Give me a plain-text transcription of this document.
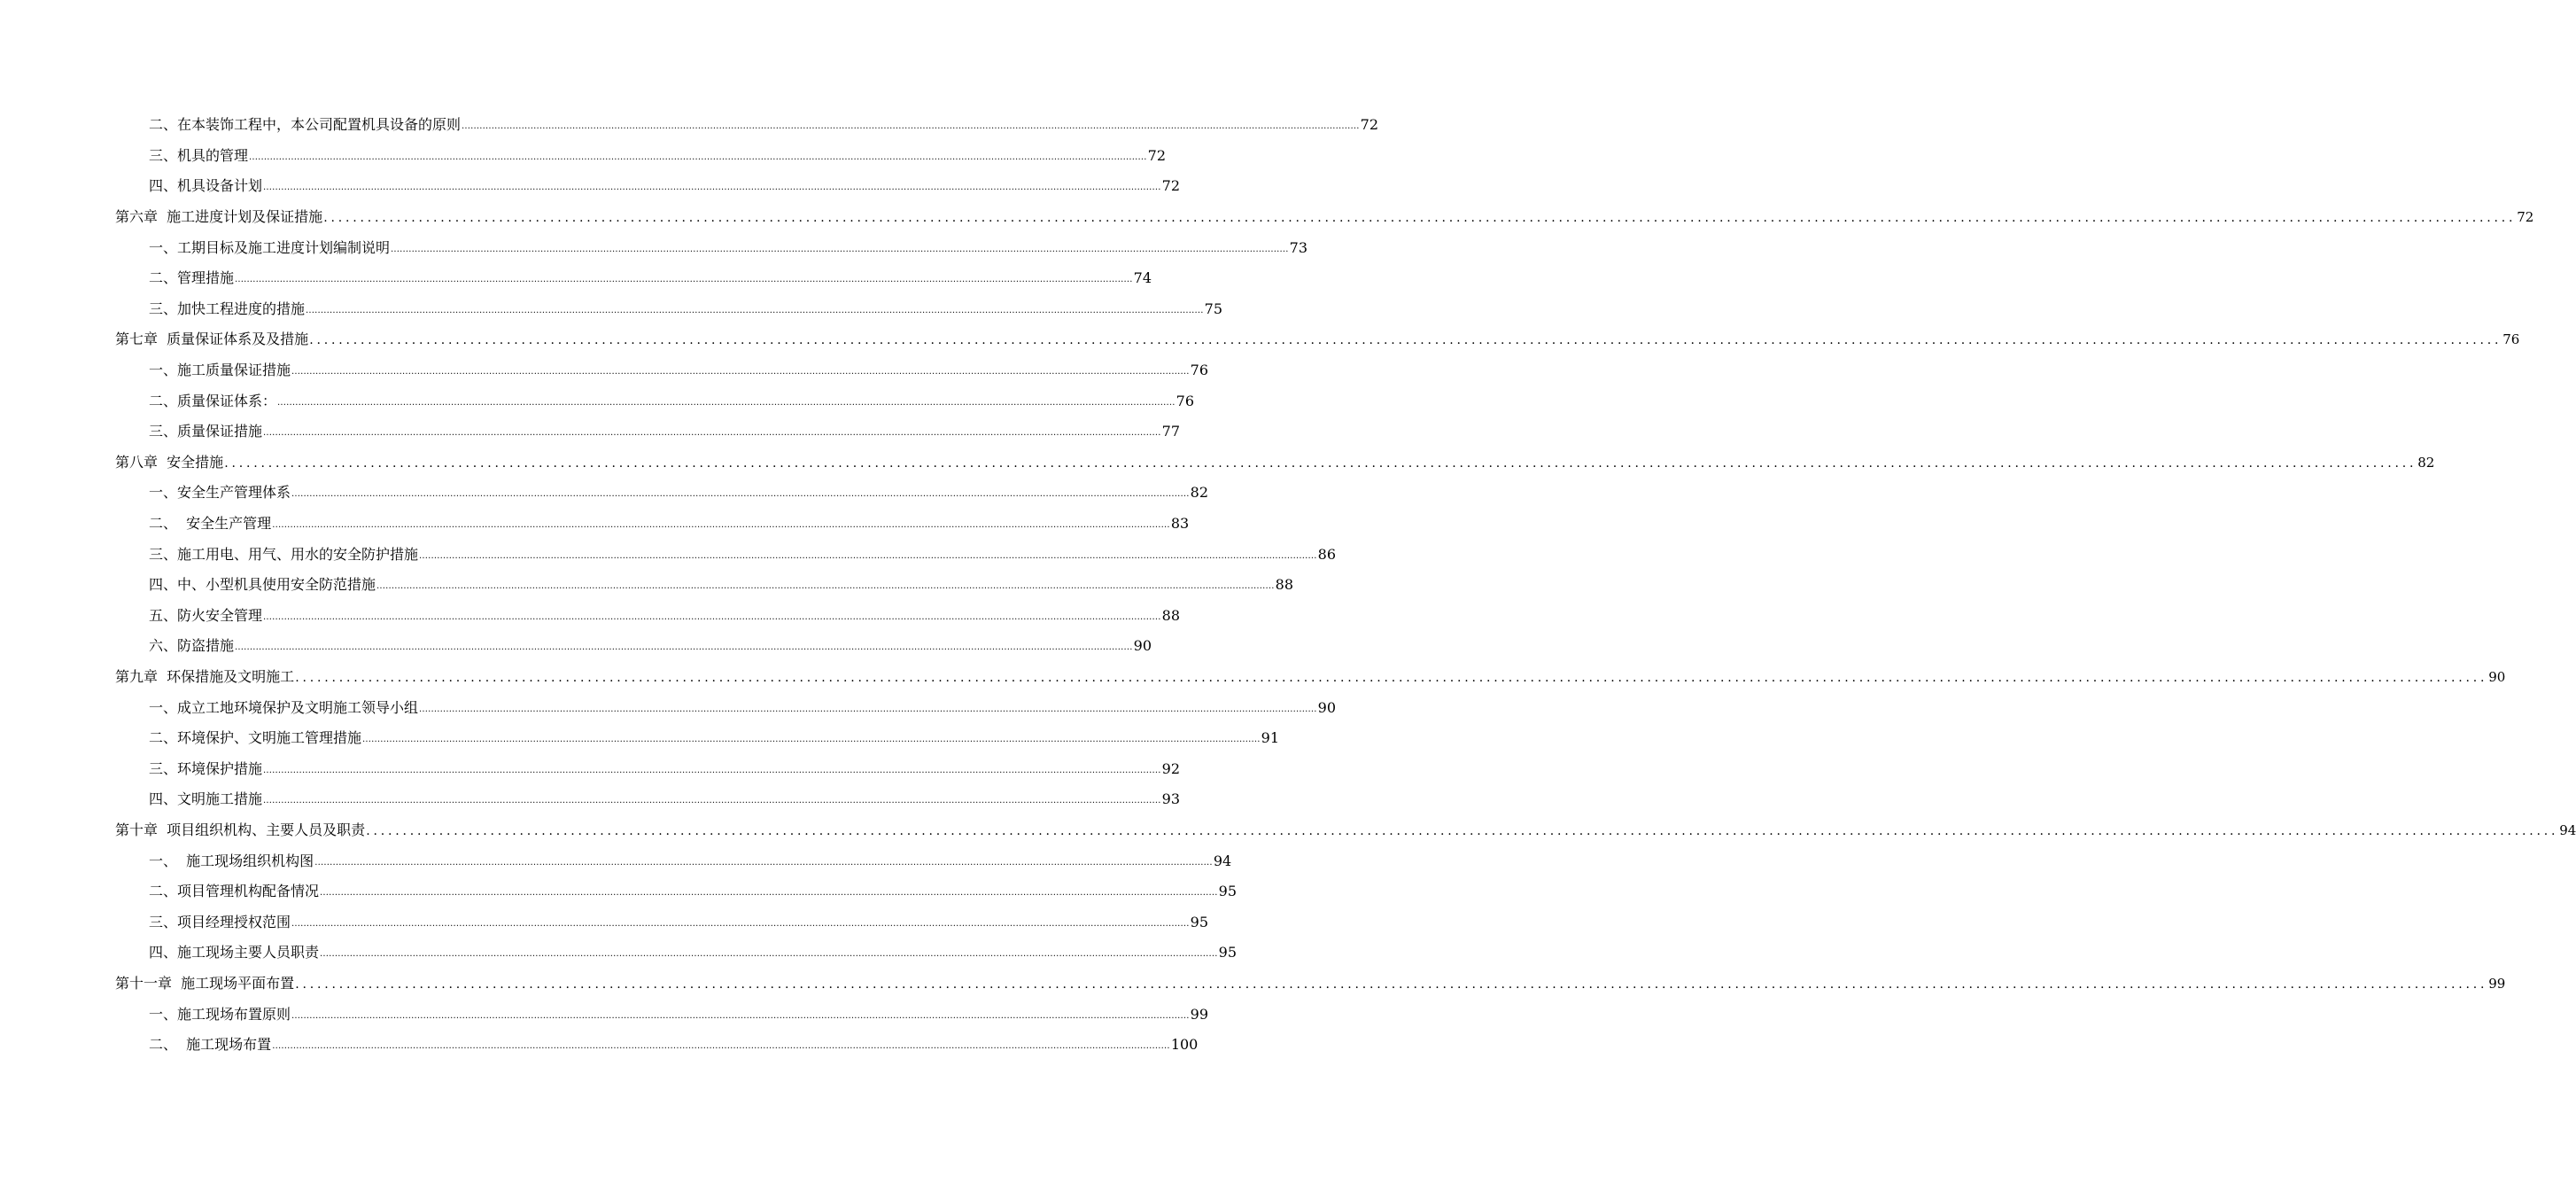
二、在本装饰工程中，本公司配置机具设备的原则 ............................................................................................................................................................................................................................................................................................................ 72
三、机具的管理 ............................................................................................................................................................................................................................................................................................................ 72
四、机具设备计划 ............................................................................................................................................................................................................................................................................................................ 72
第六章  施工进度计划及保证措施 ............................................................................................................................................................................................................................................................................................................ 72
一、工期目标及施工进度计划编制说明 ............................................................................................................................................................................................................................................................................................................ 73
二、管理措施 ............................................................................................................................................................................................................................................................................................................ 74
三、加快工程进度的措施 ............................................................................................................................................................................................................................................................................................................ 75
第七章  质量保证体系及及措施 ............................................................................................................................................................................................................................................................................................................ 76
一、施工质量保证措施 ............................................................................................................................................................................................................................................................................................................ 76
二、质量保证体系： ............................................................................................................................................................................................................................................................................................................ 76
三、质量保证措施 ............................................................................................................................................................................................................................................................................................................ 77
第八章  安全措施 ............................................................................................................................................................................................................................................................................................................ 82
一、安全生产管理体系 ............................................................................................................................................................................................................................................................................................................ 82
二、  安全生产管理 ............................................................................................................................................................................................................................................................................................................ 83
三、施工用电、用气、用水的安全防护措施 ............................................................................................................................................................................................................................................................................................................ 86
四、中、小型机具使用安全防范措施 ............................................................................................................................................................................................................................................................................................................ 88
五、防火安全管理 ............................................................................................................................................................................................................................................................................................................ 88
六、防盗措施 ............................................................................................................................................................................................................................................................................................................ 90
第九章  环保措施及文明施工 ............................................................................................................................................................................................................................................................................................................ 90
一、成立工地环境保护及文明施工领导小组 ............................................................................................................................................................................................................................................................................................................ 90
二、环境保护、文明施工管理措施 ............................................................................................................................................................................................................................................................................................................ 91
三、环境保护措施 ............................................................................................................................................................................................................................................................................................................ 92
四、文明施工措施 ............................................................................................................................................................................................................................................................................................................ 93
第十章  项目组织机构、主要人员及职责 ............................................................................................................................................................................................................................................................................................................ 94
一、  施工现场组织机构图 ............................................................................................................................................................................................................................................................................................................ 94
二、项目管理机构配备情况 ............................................................................................................................................................................................................................................................................................................ 95
三、项目经理授权范围 ............................................................................................................................................................................................................................................................................................................ 95
四、施工现场主要人员职责 ............................................................................................................................................................................................................................................................................................................ 95
第十一章  施工现场平面布置 ............................................................................................................................................................................................................................................................................................................ 99
一、施工现场布置原则 ............................................................................................................................................................................................................................................................................................................ 99
二、  施工现场布置 ............................................................................................................................................................................................................................................................................................................ 100
